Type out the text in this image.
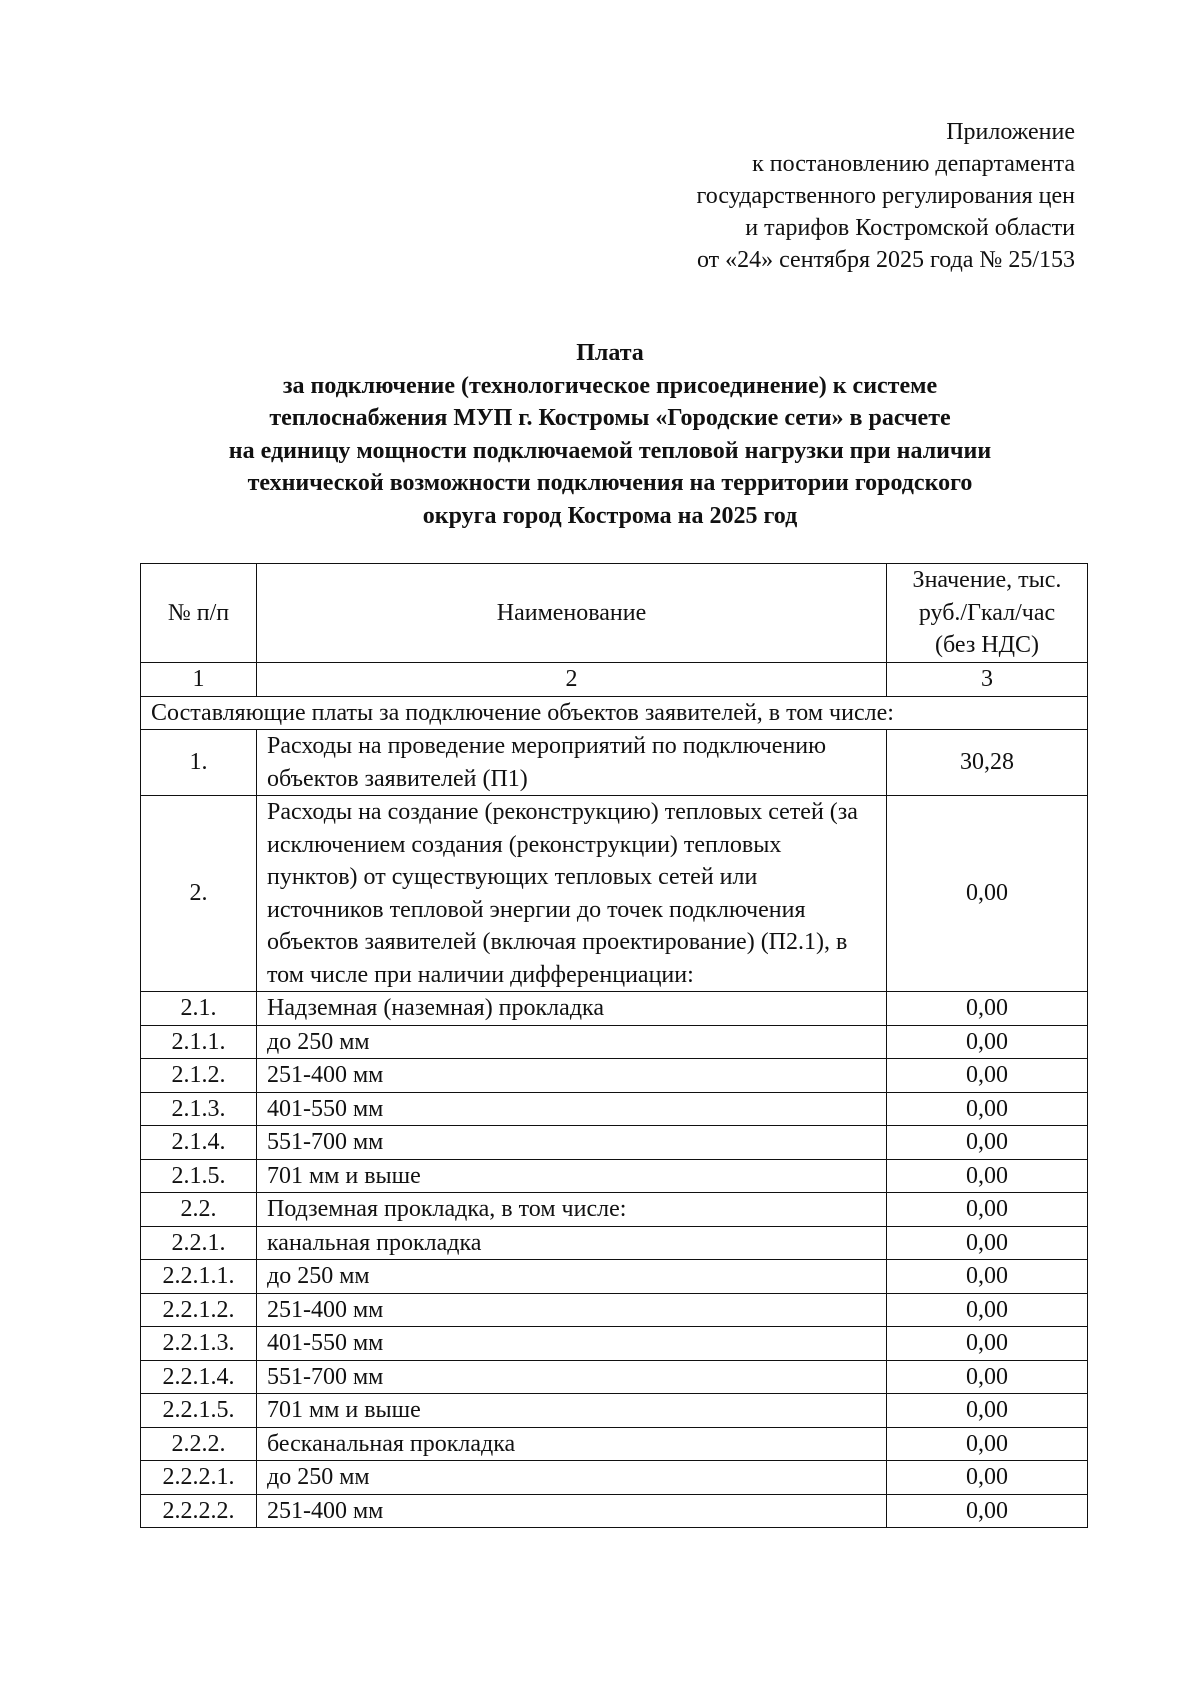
Приложение
к постановлению департамента
государственного регулирования цен
и тарифов Костромской области
от «24» сентября 2025 года № 25/153
Плата
за подключение (технологическое присоединение) к системе
теплоснабжения МУП г. Костромы «Городские сети» в расчете
на единицу мощности подключаемой тепловой нагрузки при наличии
технической возможности подключения на территории городского
округа город Кострома на 2025 год
№ п/п	Наименование	Значение, тыс. руб./Гкал/час (без НДС)
1	2	3
Составляющие платы за подключение объектов заявителей, в том числе:		
1.	Расходы на проведение мероприятий по подключению объектов заявителей (П1)	30,28
2.	Расходы на создание (реконструкцию) тепловых сетей (за исключением создания (реконструкции) тепловых пунктов) от существующих тепловых сетей или источников тепловой энергии до точек подключения объектов заявителей (включая проектирование) (П2.1), в том числе при наличии дифференциации:	0,00
2.1.	Надземная (наземная) прокладка	0,00
2.1.1.	до 250 мм	0,00
2.1.2.	251-400 мм	0,00
2.1.3.	401-550 мм	0,00
2.1.4.	551-700 мм	0,00
2.1.5.	701 мм и выше	0,00
2.2.	Подземная прокладка, в том числе:	0,00
2.2.1.	канальная прокладка	0,00
2.2.1.1.	до 250 мм	0,00
2.2.1.2.	251-400 мм	0,00
2.2.1.3.	401-550 мм	0,00
2.2.1.4.	551-700 мм	0,00
2.2.1.5.	701 мм и выше	0,00
2.2.2.	бесканальная прокладка	0,00
2.2.2.1.	до 250 мм	0,00
2.2.2.2.	251-400 мм	0,00
